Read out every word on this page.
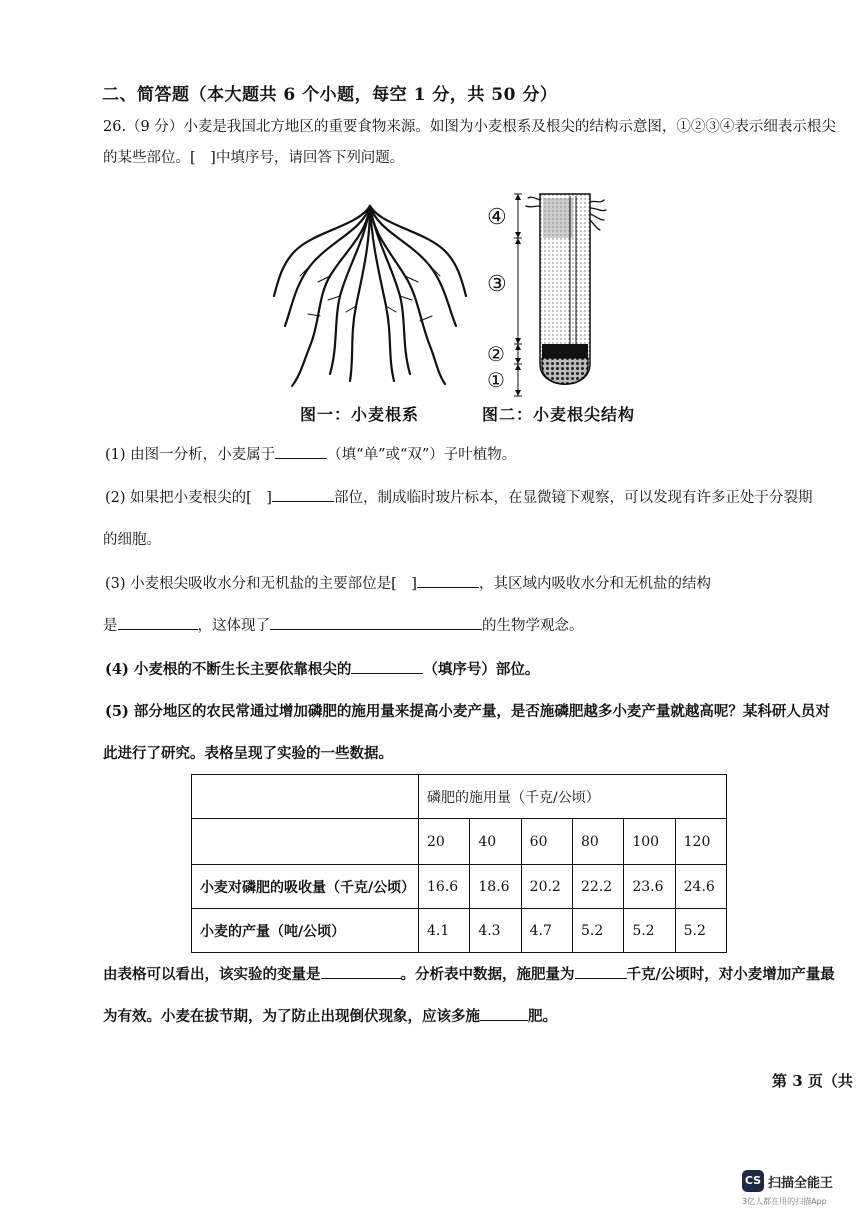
二、简答题（本大题共 6 个小题，每空 1 分，共 50 分）
26.（9 分）小麦是我国北方地区的重要食物来源。如图为小麦根系及根尖的结构示意图，①②③④表示细表示根尖
的某些部位。[　]中填序号，请回答下列问题。
④
③
②
①
图一：小麦根系	图二：小麦根尖结构
(1) 由图一分析，小麦属于	（填“单”或“双”）子叶植物。
(2) 如果把小麦根尖的[　]	部位，制成临时玻片标本，在显微镜下观察，可以发现有许多正处于分裂期
的细胞。
(3) 小麦根尖吸收水分和无机盐的主要部位是[　]	，其区域内吸收水分和无机盐的结构
是	，这体现了	的生物学观念。
(4) 小麦根的不断生长主要依靠根尖的	（填序号）部位。
(5) 部分地区的农民常通过增加磷肥的施用量来提高小麦产量，是否施磷肥越多小麦产量就越高呢？某科研人员对
此进行了研究。表格呈现了实验的一些数据。
	磷肥的施用量（千克/公顷）					
	20	40	60	80	100	120
小麦对磷肥的吸收量（千克/公顷）	16.6	18.6	20.2	22.2	23.6	24.6
小麦的产量（吨/公顷）	4.1	4.3	4.7	5.2	5.2	5.2
由表格可以看出，该实验的变量是	。分析表中数据，施肥量为	千克/公顷时，对小麦增加产量最
为有效。小麦在拔节期，为了防止出现倒伏现象，应该多施	肥。
第 3 页（共
CS 扫描全能王
3亿人都在用的扫描App
